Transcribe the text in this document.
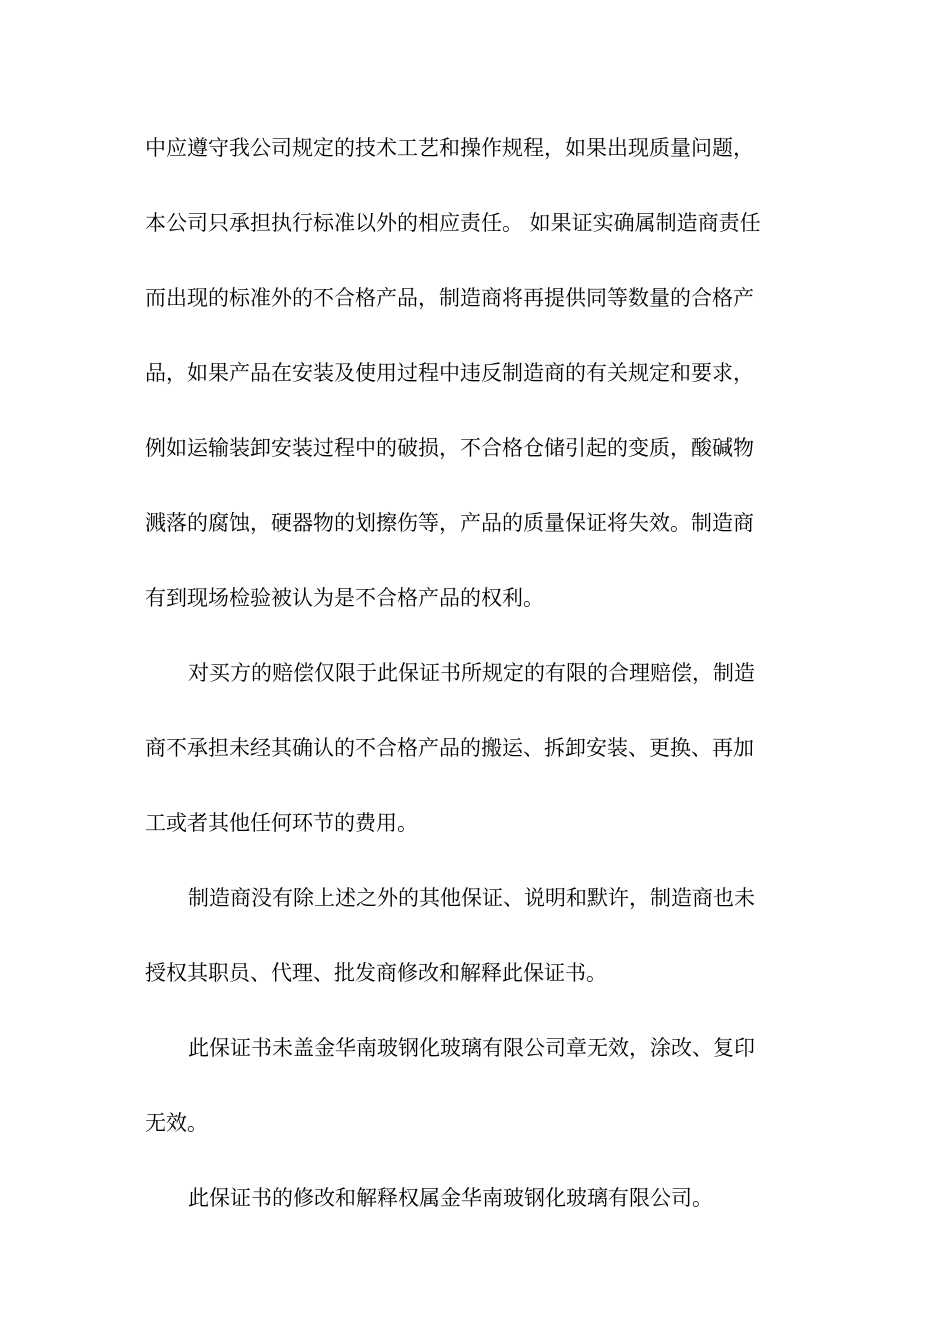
中应遵守我公司规定的技术工艺和操作规程，如果出现质量问题，
本公司只承担执行标准以外的相应责任。 如果证实确属制造商责任
而出现的标准外的不合格产品，制造商将再提供同等数量的合格产
品，如果产品在安装及使用过程中违反制造商的有关规定和要求，
例如运输装卸安装过程中的破损，不合格仓储引起的变质，酸碱物
溅落的腐蚀，硬器物的划擦伤等，产品的质量保证将失效。制造商
有到现场检验被认为是不合格产品的权利。
对买方的赔偿仅限于此保证书所规定的有限的合理赔偿，制造
商不承担未经其确认的不合格产品的搬运、拆卸安装、更换、再加
工或者其他任何环节的费用。
制造商没有除上述之外的其他保证、说明和默许，制造商也未
授权其职员、代理、批发商修改和解释此保证书。
此保证书未盖金华南玻钢化玻璃有限公司章无效，涂改、复印
无效。
此保证书的修改和解释权属金华南玻钢化玻璃有限公司。
